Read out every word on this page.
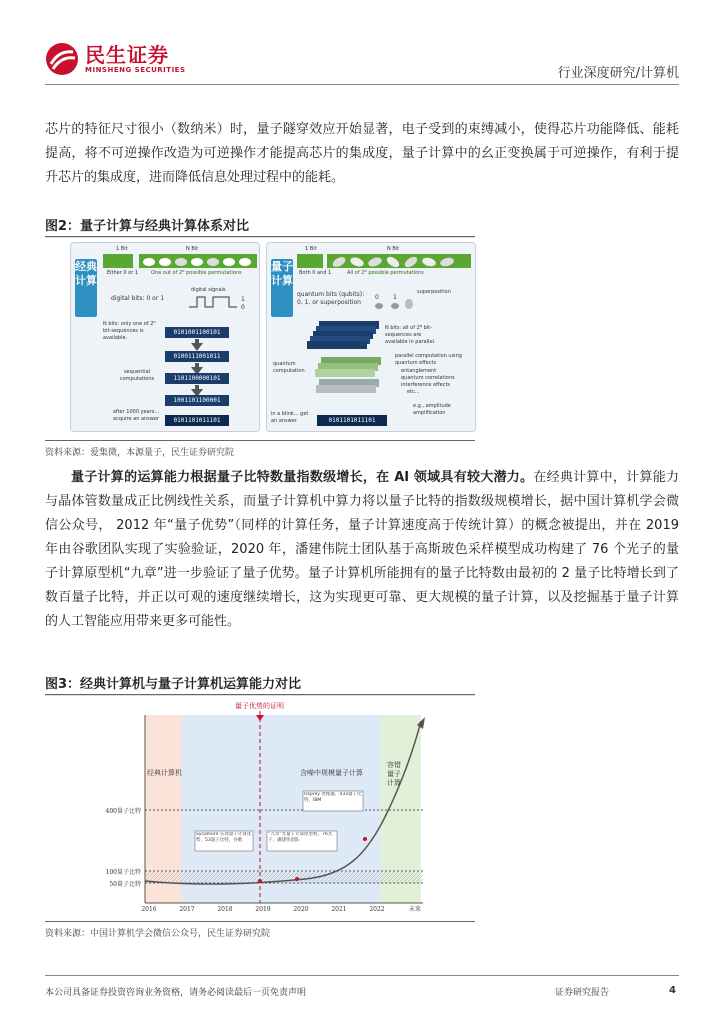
民生证券
MINSHENG SECURITIES	行业深度研究/计算机
芯片的特征尺寸很小（数纳米）时，量子隧穿效应开始显著，电子受到的束缚减小，使得芯片功能降低、能耗提高，将不可逆操作改造为可逆操作才能提高芯片的集成度，量子计算中的幺正变换属于可逆操作，有利于提升芯片的集成度，进而降低信息处理过程中的能耗。
图2：量子计算与经典计算体系对比
经典计算
1 Bit	N Bit
Either 0 or 1	One out of 2ᴺ possible permutations
digital bits: 0 or 1
digital signals
1
0
N bits: only one of 2ᴺ bit-sequences is available.
0101001100101
0100111001011
sequential computations	1101100000101
1001101100001
after 1000 years... acquire an answer	0101101011101
量子计算
1 Bit	N Bit
Both 0 and 1	All of 2ᴺ possible permutations
quantum bits (qubits): 0, 1, or superposition
superposition
0 1
N bits: all of 2ᴺ bit-sequences are available in parallel.
quantum computation
parallel computation using quantum effects
entanglement
quantum correlations
interference effects
etc...
e.g., amplitude amplification
in a blink... get an answer	0101101011101
资料来源：爱集微，本源量子，民生证券研究院
量子计算的运算能力根据量子比特数量指数级增长，在 AI 领域具有较大潜力。在经典计算中，计算能力与晶体管数量成正比例线性关系，而量子计算机中算力将以量子比特的指数级规模增长，据中国计算机学会微信公众号， 2012 年“量子优势”（同样的计算任务，量子计算速度高于传统计算）的概念被提出，并在 2019 年由谷歌团队实现了实验验证，2020 年，潘建伟院士团队基于高斯玻色采样模型成功构建了 76 个光子的量子计算原型机“九章”进一步验证了量子优势。量子计算机所能拥有的量子比特数由最初的 2 量子比特增长到了数百量子比特，并正以可观的速度继续增长，这为实现更可靠、更大规模的量子计算，以及挖掘基于量子计算的人工智能应用带来更多可能性。
图3：经典计算机与量子计算机运算能力对比
量子优势的证明
经典计算机	含噪中规模量子计算
容错量子计算
400量子比特
100量子比特
50量子比特
Sycamore 实现量子计算优势，53量子比特，谷歌
“九章”光量子计算原型机，76光子，潘建伟团队
Osprey 处理器，433量子比特，IBM
2016	2017	2018	2019	2020	2021	2022	未来
资料来源：中国计算机学会微信公众号，民生证券研究院
本公司具备证券投资咨询业务资格，请务必阅读最后一页免责声明	证券研究报告	4
